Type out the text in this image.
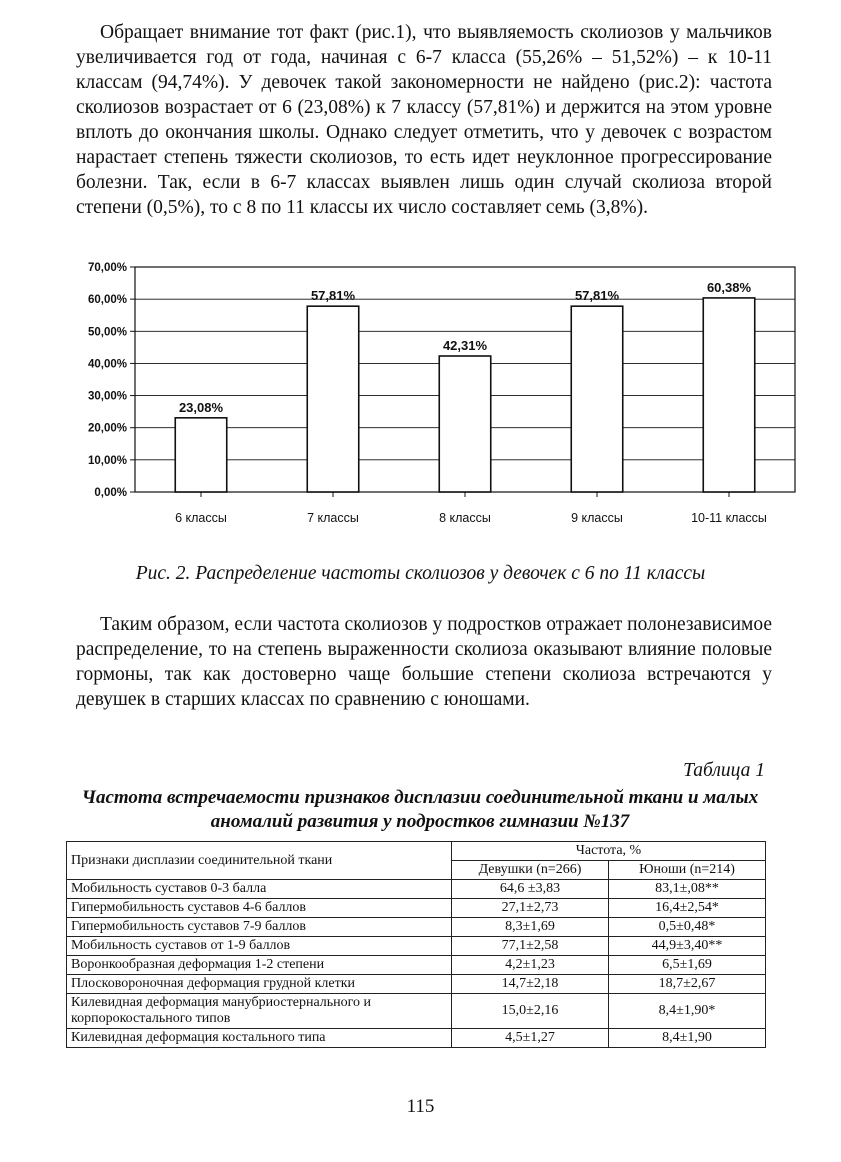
Обращает внимание тот факт (рис.1), что выявляемость сколиозов у мальчиков увеличивается год от года, начиная с 6-7 класса (55,26% – 51,52%) – к 10-11 классам (94,74%). У девочек такой закономерности не найдено (рис.2): частота сколиозов возрастает от 6 (23,08%) к 7 классу (57,81%) и держится на этом уровне вплоть до окончания школы. Однако следует отметить, что у девочек с возрастом нарастает степень тяжести сколиозов, то есть идет неуклонное прогрессирование болезни. Так, если в 6-7 классах выявлен лишь один случай сколиоза второй степени (0,5%), то с 8 по 11 классы их число составляет семь (3,8%).

0,00%
10,00%
20,00%
30,00%
40,00%
50,00%
60,00%
70,00%
23,08%
6 классы
57,81%
7 классы
42,31%
8 классы
57,81%
9 классы
60,38%
10-11 классы
Рис. 2. Распределение частоты сколиозов у девочек с 6 по 11 классы

Таким образом, если частота сколиозов у подростков отражает полонезависимое распределение, то на степень выраженности сколиоза оказывают влияние половые гормоны, так как достоверно чаще большие степени сколиоза встречаются у девушек в старших классах по сравнению с юношами.

Таблица 1
Частота встречаемости признаков дисплазии соединительной ткани и малых аномалий развития у подростков гимназии №137
Признаки дисплазии соединительной ткани	Частота, %	
	Девушки (n=266)	Юноши (n=214)
Мобильность суставов 0-3 балла	64,6 ±3,83	83,1±,08**
Гипермобильность суставов 4-6 баллов	27,1±2,73	16,4±2,54*
Гипермобильность суставов 7-9 баллов	8,3±1,69	0,5±0,48*
Мобильность суставов от 1-9 баллов	77,1±2,58	44,9±3,40**
Воронкообразная деформация 1-2 степени	4,2±1,23	6,5±1,69
Плосковороночная деформация грудной клетки	14,7±2,18	18,7±2,67
Килевидная деформация манубриостернального и корпорокостального типов	15,0±2,16	8,4±1,90*
Килевидная деформация костального типа	4,5±1,27	8,4±1,90
115
